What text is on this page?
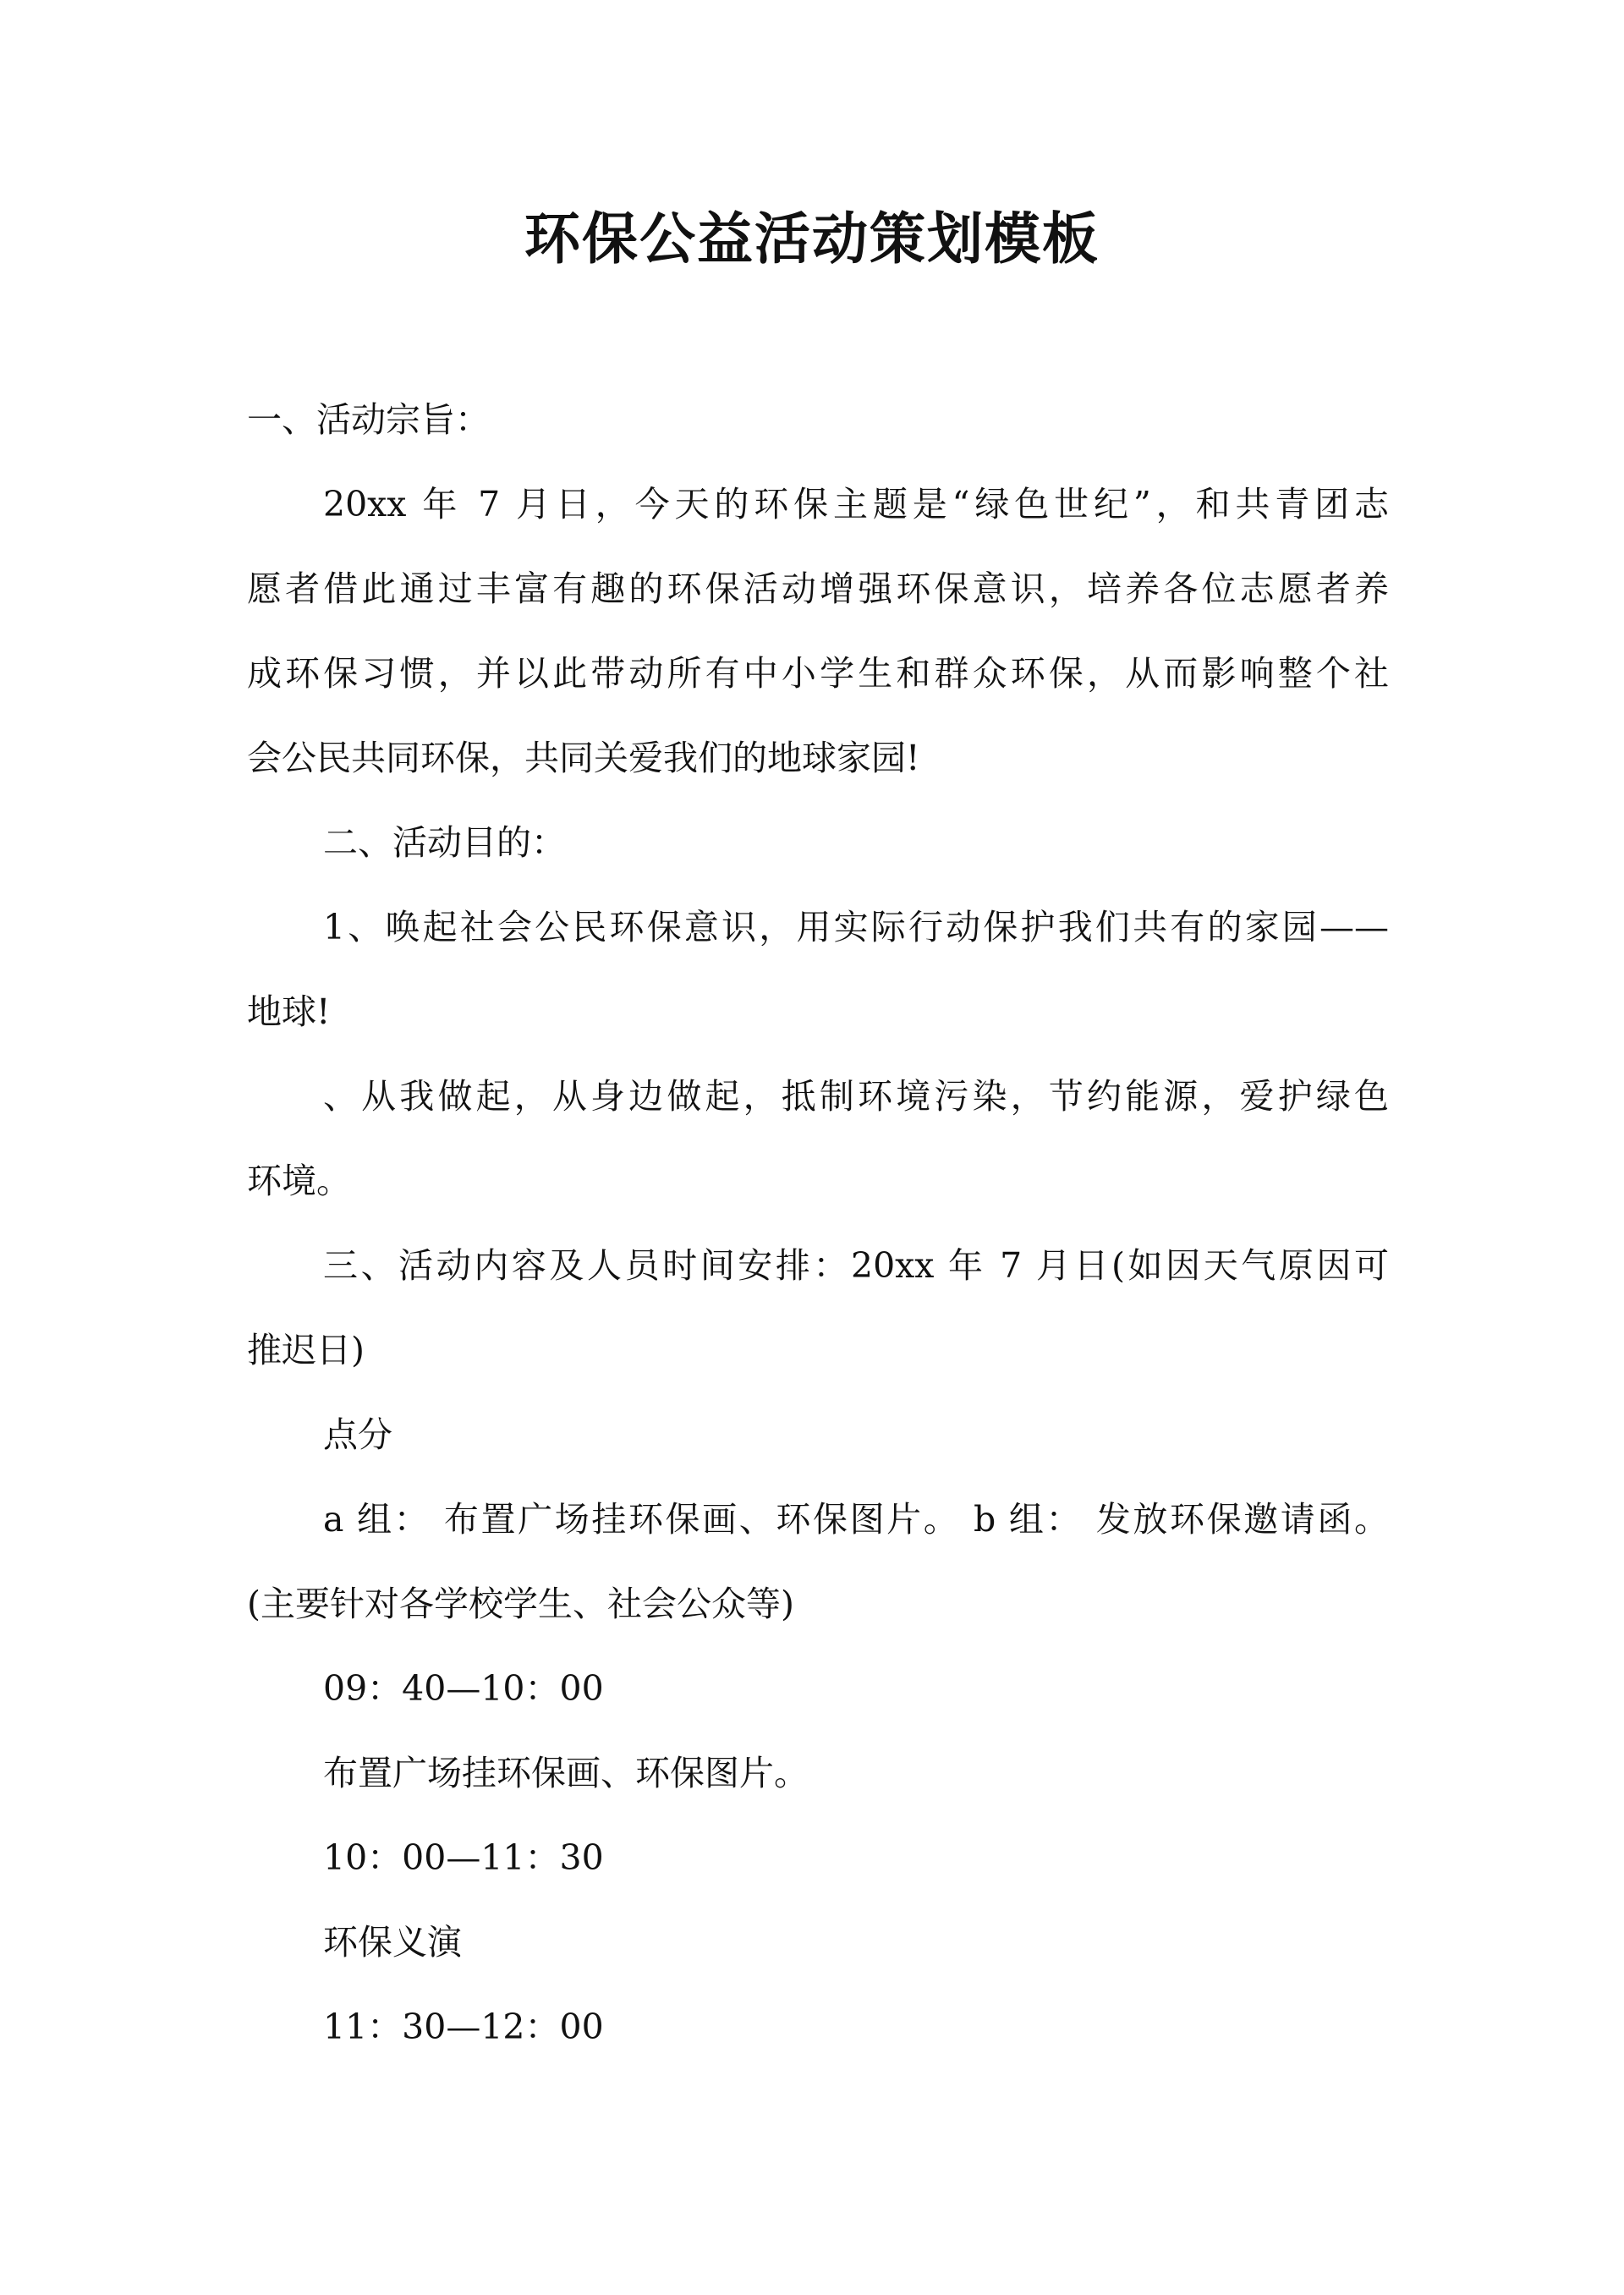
环保公益活动策划模板
一、活动宗旨：
20xx 年 7 月日，今天的环保主题是“绿色世纪”，和共青团志
愿者借此通过丰富有趣的环保活动增强环保意识，培养各位志愿者养
成环保习惯，并以此带动所有中小学生和群众环保，从而影响整个社
会公民共同环保，共同关爱我们的地球家园!
二、活动目的：
1、唤起社会公民环保意识，用实际行动保护我们共有的家园——
地球!
、从我做起，从身边做起，抵制环境污染，节约能源，爱护绿色
环境。
三、活动内容及人员时间安排：20xx 年 7 月日(如因天气原因可
推迟日)
点分
a 组： 布置广场挂环保画、环保图片。 b 组： 发放环保邀请函。
(主要针对各学校学生、社会公众等)
09：40—10：00
布置广场挂环保画、环保图片。
10：00—11：30
环保义演
11：30—12：00
